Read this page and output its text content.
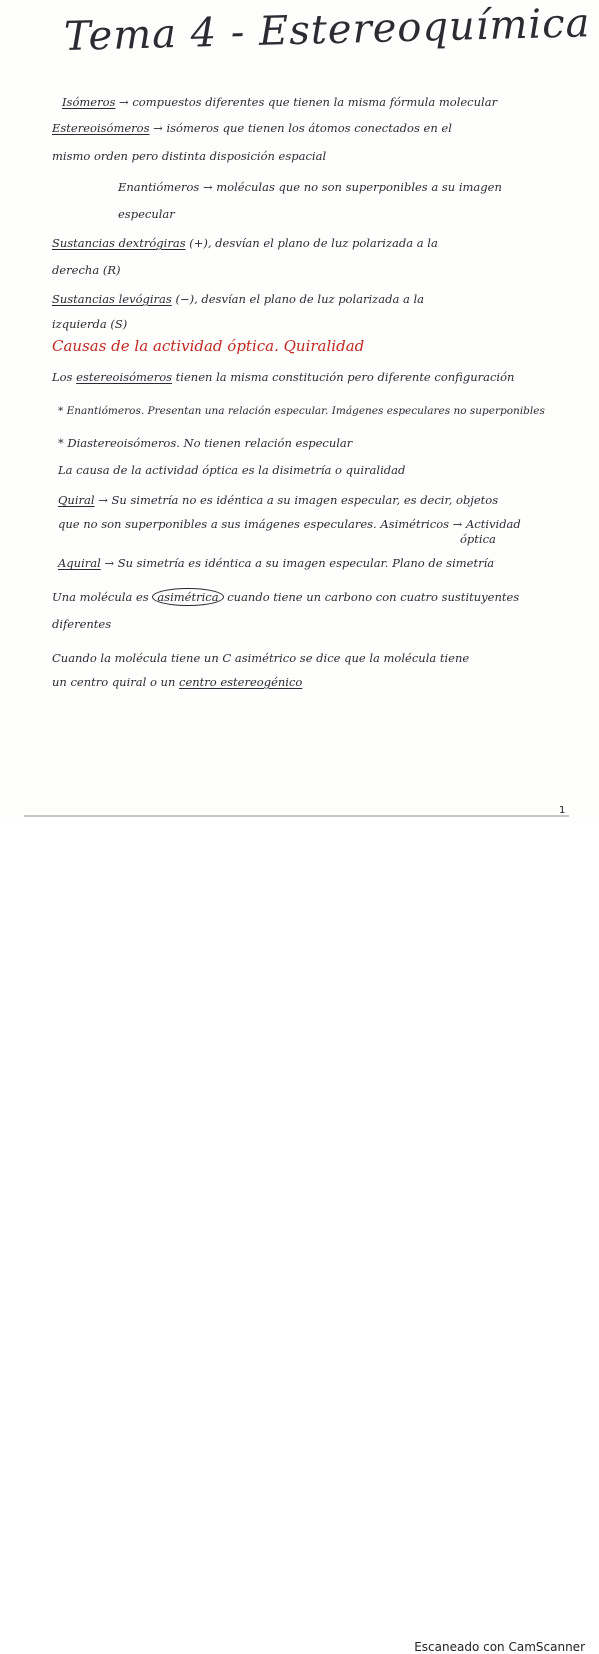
Tema 4 - Estereoquímica
Isómeros → compuestos diferentes que tienen la misma fórmula molecular
Estereoisómeros → isómeros que tienen los átomos conectados en el
mismo orden pero distinta disposición espacial
Enantiómeros → moléculas que no son superponibles a su imagen
especular
Sustancias dextrógiras (+), desvían el plano de luz polarizada a la
derecha (R)
Sustancias levógiras (−), desvían el plano de luz polarizada a la
izquierda (S)
Causas de la actividad óptica. Quiralidad
Los estereoisómeros tienen la misma constitución pero diferente configuración
* Enantiómeros. Presentan una relación especular. Imágenes especulares no superponibles
* Diastereoisómeros. No tienen relación especular
La causa de la actividad óptica es la disimetría o quiralidad
Quiral → Su simetría no es idéntica a su imagen especular, es decir, objetos
que no son superponibles a sus imágenes especulares. Asimétricos → Actividad
óptica
Aquiral → Su simetría es idéntica a su imagen especular. Plano de simetría
Una molécula es asimétrica cuando tiene un carbono con cuatro sustituyentes
diferentes
Cuando la molécula tiene un C asimétrico se dice que la molécula tiene
un centro quiral o un centro estereogénico
1
Escaneado con CamScanner
